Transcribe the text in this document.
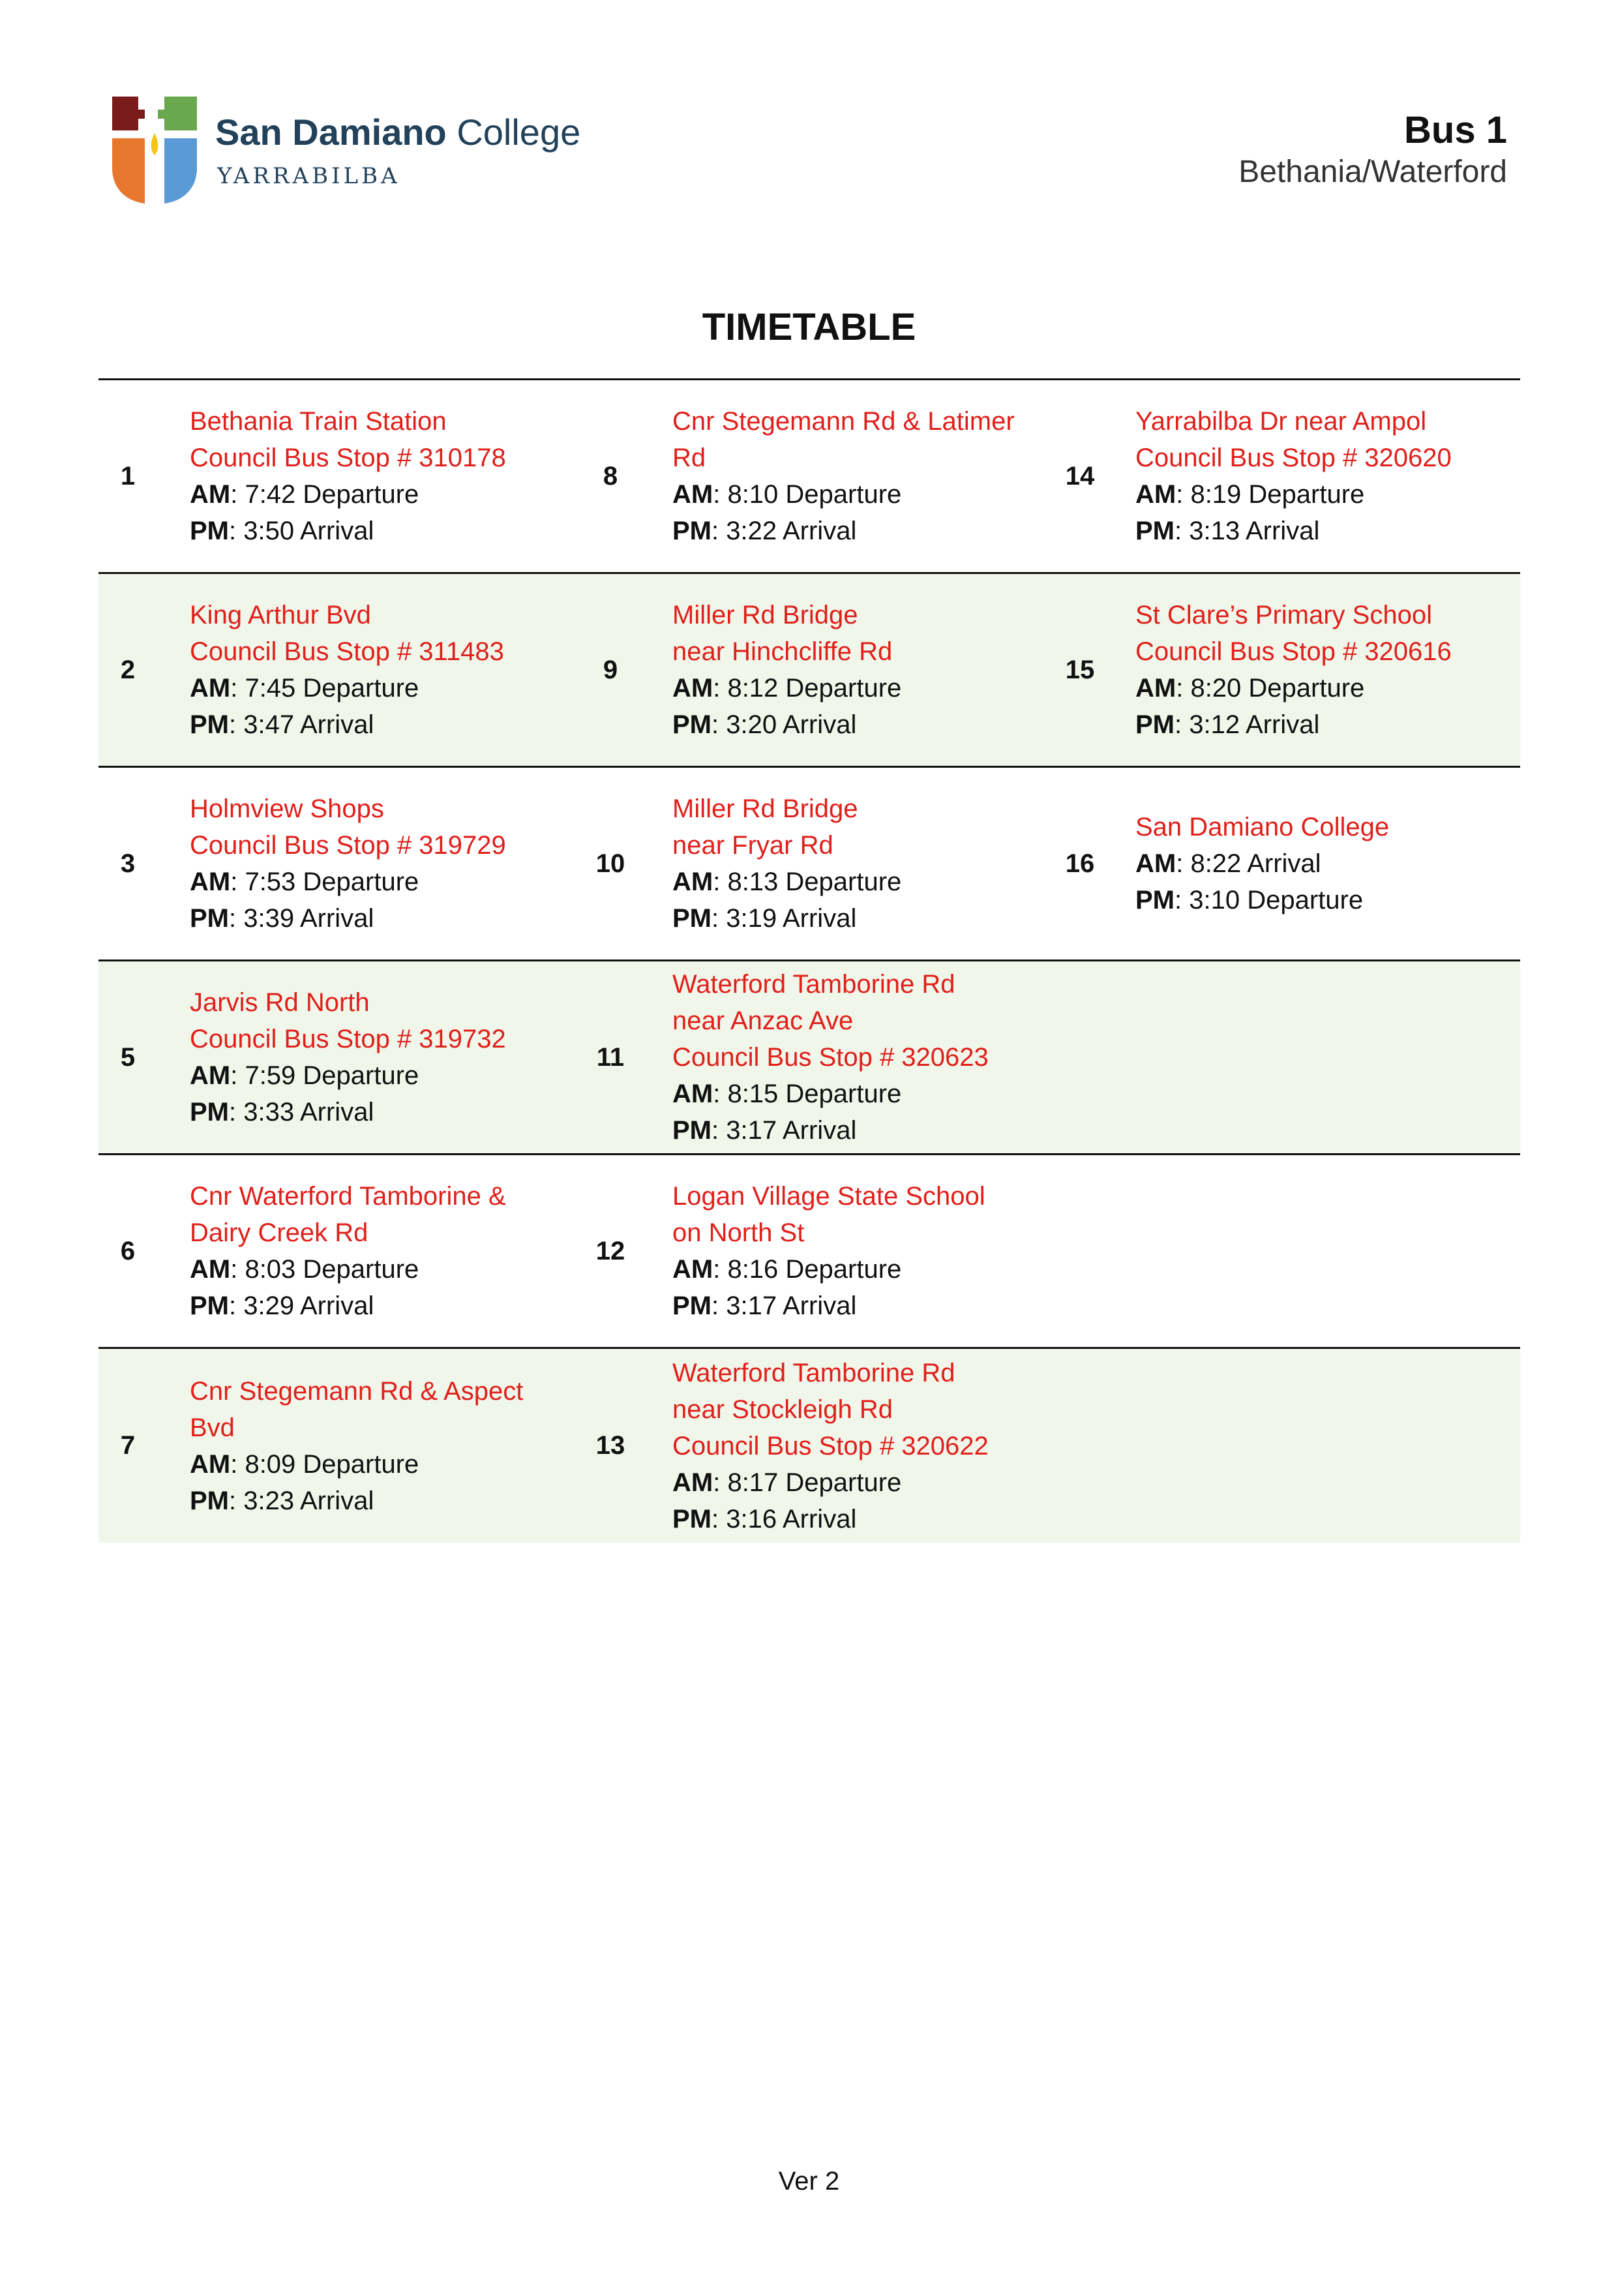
San Damiano College
YARRABILBA
Bus 1
Bethania/Waterford
TIMETABLE
1
Bethania Train Station
Council Bus Stop # 310178
AM: 7:42 Departure
PM: 3:50 Arrival
8
Cnr Stegemann Rd & Latimer
Rd
AM: 8:10 Departure
PM: 3:22 Arrival
14
Yarrabilba Dr near Ampol
Council Bus Stop # 320620
AM: 8:19 Departure
PM: 3:13 Arrival
2
King Arthur Bvd
Council Bus Stop # 311483
AM: 7:45 Departure
PM: 3:47 Arrival
9
Miller Rd Bridge
near Hinchcliffe Rd
AM: 8:12 Departure
PM: 3:20 Arrival
15
St Clare’s Primary School
Council Bus Stop # 320616
AM: 8:20 Departure
PM: 3:12 Arrival
3
Holmview Shops
Council Bus Stop # 319729
AM: 7:53 Departure
PM: 3:39 Arrival
10
Miller Rd Bridge
near Fryar Rd
AM: 8:13 Departure
PM: 3:19 Arrival
16
San Damiano College
AM: 8:22 Arrival
PM: 3:10 Departure
5
Jarvis Rd North
Council Bus Stop # 319732
AM: 7:59 Departure
PM: 3:33 Arrival
11
Waterford Tamborine Rd
near Anzac Ave
Council Bus Stop # 320623
AM: 8:15 Departure
PM: 3:17 Arrival
6
Cnr Waterford Tamborine &
Dairy Creek Rd
AM: 8:03 Departure
PM: 3:29 Arrival
12
Logan Village State School
on North St
AM: 8:16 Departure
PM: 3:17 Arrival
7
Cnr Stegemann Rd & Aspect
Bvd
AM: 8:09 Departure
PM: 3:23 Arrival
13
Waterford Tamborine Rd
near Stockleigh Rd
Council Bus Stop # 320622
AM: 8:17 Departure
PM: 3:16 Arrival
Ver 2
